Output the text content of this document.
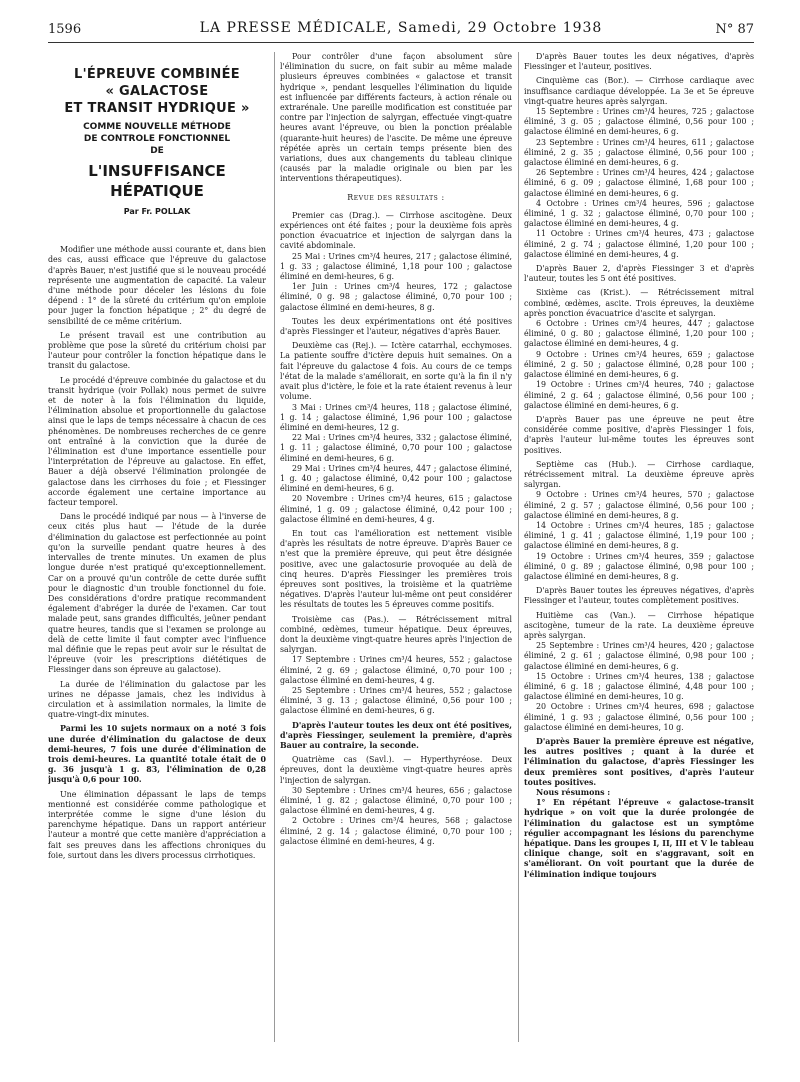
1596	LA PRESSE MÉDICALE, Samedi, 29 Octobre 1938	N° 87
L'ÉPREUVE COMBINÉE
« GALACTOSE
ET TRANSIT HYDRIQUE »
COMME NOUVELLE MÉTHODE
DE CONTROLE FONCTIONNEL
DE
L'INSUFFISANCE HÉPATIQUE
Par Fr. POLLAK

Modifier une méthode aussi courante et, dans bien des cas, aussi efficace que l'épreuve du galactose d'après Bauer, n'est justifié que si le nouveau procédé représente une augmentation de capacité. La valeur d'une méthode pour déceler les lésions du foie dépend : 1° de la sûreté du critérium qu'on emploie pour juger la fonction hépatique ; 2° du degré de sensibilité de ce même critérium.

Le présent travail est une contribution au problème que pose la sûreté du critérium choisi par l'auteur pour contrôler la fonction hépatique dans le transit du galactose.

Le procédé d'épreuve combinée du galactose et du transit hydrique (voir Pollak) nous permet de suivre et de noter à la fois l'élimination du liquide, l'élimination absolue et proportionnelle du galactose ainsi que le laps de temps nécessaire à chacun de ces phénomènes. De nombreuses recherches de ce genre ont entraîné à la conviction que la durée de l'élimination est d'une importance essentielle pour l'interprétation de l'épreuve au galactose. En effet, Bauer a déjà observé l'élimination prolongée de galactose dans les cirrhoses du foie ; et Fiessinger accorde également une certaine importance au facteur temporel.

Dans le procédé indiqué par nous — à l'inverse de ceux cités plus haut — l'étude de la durée d'élimination du galactose est perfectionnée au point qu'on la surveille pendant quatre heures à des intervalles de trente minutes. Un examen de plus longue durée n'est pratiqué qu'exceptionnellement. Car on a prouvé qu'un contrôle de cette durée suffit pour le diagnostic d'un trouble fonctionnel du foie. Des considérations d'ordre pratique recommandent également d'abréger la durée de l'examen. Car tout malade peut, sans grandes difficultés, jeûner pendant quatre heures, tandis que si l'examen se prolonge au delà de cette limite il faut compter avec l'influence mal définie que le repas peut avoir sur le résultat de l'épreuve (voir les prescriptions diététiques de Fiessinger dans son épreuve au galactose).

La durée de l'élimination du galactose par les urines ne dépasse jamais, chez les individus à circulation et à assimilation normales, la limite de quatre-vingt-dix minutes.

Parmi les 10 sujets normaux on a noté 3 fois une durée d'élimination du galactose de deux demi-heures, 7 fois une durée d'élimination de trois demi-heures. La quantité totale était de 0 g. 36 jusqu'à 1 g. 83, l'élimination de 0,28 jusqu'à 0,6 pour 100.

Une élimination dépassant le laps de temps mentionné est considérée comme pathologique et interprétée comme le signe d'une lésion du parenchyme hépatique. Dans un rapport antérieur l'auteur a montré que cette manière d'appréciation a fait ses preuves dans les affections chroniques du foie, surtout dans les divers processus cirrhotiques.

Pour contrôler d'une façon absolument sûre l'élimination du sucre, on fait subir au même malade plusieurs épreuves combinées « galactose et transit hydrique », pendant lesquelles l'élimination du liquide est influencée par différents facteurs, à action rénale ou extrarénale. Une pareille modification est constituée par contre par l'injection de salyrgan, effectuée vingt-quatre heures avant l'épreuve, ou bien la ponction préalable (quarante-huit heures) de l'ascite. De même une épreuve répétée après un certain temps présente bien des variations, dues aux changements du tableau clinique (causés par la maladie originale ou bien par les interventions thérapeutiques).

Revue des résultats :

Premier cas (Drag.). — Cirrhose ascitogène. Deux expériences ont été faites ; pour la deuxième fois après ponction évacuatrice et injection de salyrgan dans la cavité abdominale.

25 Mai : Urines cm³/4 heures, 217 ; galactose éliminé, 1 g. 33 ; galactose éliminé, 1,18 pour 100 ; galactose éliminé en demi-heures, 6 g.

1er Juin : Urines cm³/4 heures, 172 ; galactose éliminé, 0 g. 98 ; galactose éliminé, 0,70 pour 100 ; galactose éliminé en demi-heures, 8 g.

Toutes les deux expérimentations ont été positives d'après Fiessinger et l'auteur, négatives d'après Bauer.

Deuxième cas (Rej.). — Ictère catarrhal, ecchymoses. La patiente souffre d'ictère depuis huit semaines. On a fait l'épreuve du galactose 4 fois. Au cours de ce temps l'état de la malade s'améliorait, en sorte qu'à la fin il n'y avait plus d'ictère, le foie et la rate étaient revenus à leur volume.

3 Mai : Urines cm³/4 heures, 118 ; galactose éliminé, 1 g. 14 ; galactose éliminé, 1,96 pour 100 ; galactose éliminé en demi-heures, 12 g.

22 Mai : Urines cm³/4 heures, 332 ; galactose éliminé, 1 g. 11 ; galactose éliminé, 0,70 pour 100 ; galactose éliminé en demi-heures, 6 g.

29 Mai : Urines cm³/4 heures, 447 ; galactose éliminé, 1 g. 40 ; galactose éliminé, 0,42 pour 100 ; galactose éliminé en demi-heures, 6 g.

20 Novembre : Urines cm³/4 heures, 615 ; galactose éliminé, 1 g. 09 ; galactose éliminé, 0,42 pour 100 ; galactose éliminé en demi-heures, 4 g.

En tout cas l'amélioration est nettement visible d'après les résultats de notre épreuve. D'après Bauer ce n'est que la première épreuve, qui peut être désignée positive, avec une galactosurie provoquée au delà de cinq heures. D'après Fiessinger les premières trois épreuves sont positives, la troisième et la quatrième négatives. D'après l'auteur lui-même ont peut considérer les résultats de toutes les 5 épreuves comme positifs.

Troisième cas (Pas.). — Rétrécissement mitral combiné, œdèmes, tumeur hépatique. Deux épreuves, dont la deuxième vingt-quatre heures après l'injection de salyrgan.

17 Septembre : Urines cm³/4 heures, 552 ; galactose éliminé, 2 g. 69 ; galactose éliminé, 0,70 pour 100 ; galactose éliminé en demi-heures, 4 g.

25 Septembre : Urines cm³/4 heures, 552 ; galactose éliminé, 3 g. 13 ; galactose éliminé, 0,56 pour 100 ; galactose éliminé en demi-heures, 6 g.

D'après l'auteur toutes les deux ont été positives, d'après Fiessinger, seulement la première, d'après Bauer au contraire, la seconde.

Quatrième cas (Savl.). — Hyperthyréose. Deux épreuves, dont la deuxième vingt-quatre heures après l'injection de salyrgan.

30 Septembre : Urines cm³/4 heures, 656 ; galactose éliminé, 1 g. 82 ; galactose éliminé, 0,70 pour 100 ; galactose éliminé en demi-heures, 4 g.

2 Octobre : Urines cm³/4 heures, 568 ; galactose éliminé, 2 g. 14 ; galactose éliminé, 0,70 pour 100 ; galactose éliminé en demi-heures, 4 g.

D'après Bauer toutes les deux négatives, d'après Fiessinger et l'auteur, positives.

Cinquième cas (Bor.). — Cirrhose cardiaque avec insuffisance cardiaque développée. La 3e et 5e épreuve vingt-quatre heures après salyrgan.

15 Septembre : Urines cm³/4 heures, 725 ; galactose éliminé, 3 g. 05 ; galactose éliminé, 0,56 pour 100 ; galactose éliminé en demi-heures, 6 g.

23 Septembre : Urines cm³/4 heures, 611 ; galactose éliminé, 2 g. 35 ; galactose éliminé, 0,56 pour 100 ; galactose éliminé en demi-heures, 6 g.

26 Septembre : Urines cm³/4 heures, 424 ; galactose éliminé, 6 g. 09 ; galactose éliminé, 1,68 pour 100 ; galactose éliminé en demi-heures, 6 g.

4 Octobre : Urines cm³/4 heures, 596 ; galactose éliminé, 1 g. 32 ; galactose éliminé, 0,70 pour 100 ; galactose éliminé en demi-heures, 4 g.

11 Octobre : Urines cm³/4 heures, 473 ; galactose éliminé, 2 g. 74 ; galactose éliminé, 1,20 pour 100 ; galactose éliminé en demi-heures, 4 g.

D'après Bauer 2, d'après Fiessinger 3 et d'après l'auteur, toutes les 5 ont été positives.

Sixième cas (Krist.). — Rétrécissement mitral combiné, œdèmes, ascite. Trois épreuves, la deuxième après ponction évacuatrice d'ascite et salyrgan.

6 Octobre : Urines cm³/4 heures, 447 ; galactose éliminé, 0 g. 80 ; galactose éliminé, 1,20 pour 100 ; galactose éliminé en demi-heures, 4 g.

9 Octobre : Urines cm³/4 heures, 659 ; galactose éliminé, 2 g. 50 ; galactose éliminé, 0,28 pour 100 ; galactose éliminé en demi-heures, 6 g.

19 Octobre : Urines cm³/4 heures, 740 ; galactose éliminé, 2 g. 64 ; galactose éliminé, 0,56 pour 100 ; galactose éliminé en demi-heures, 6 g.

D'après Bauer pas une épreuve ne peut être considérée comme positive, d'après Fiessinger 1 fois, d'après l'auteur lui-même toutes les épreuves sont positives.

Septième cas (Hub.). — Cirrhose cardiaque, rétrécissement mitral. La deuxième épreuve après salyrgan.

9 Octobre : Urines cm³/4 heures, 570 ; galactose éliminé, 2 g. 57 ; galactose éliminé, 0,56 pour 100 ; galactose éliminé en demi-heures, 8 g.

14 Octobre : Urines cm³/4 heures, 185 ; galactose éliminé, 1 g. 41 ; galactose éliminé, 1,19 pour 100 ; galactose éliminé en demi-heures, 8 g.

19 Octobre : Urines cm³/4 heures, 359 ; galactose éliminé, 0 g. 89 ; galactose éliminé, 0,98 pour 100 ; galactose éliminé en demi-heures, 8 g.

D'après Bauer toutes les épreuves négatives, d'après Fiessinger et l'auteur, toutes complètement positives.

Huitième cas (Van.). — Cirrhose hépatique ascitogène, tumeur de la rate. La deuxième épreuve après salyrgan.

25 Septembre : Urines cm³/4 heures, 420 ; galactose éliminé, 2 g. 61 ; galactose éliminé, 0,98 pour 100 ; galactose éliminé en demi-heures, 6 g.

15 Octobre : Urines cm³/4 heures, 138 ; galactose éliminé, 6 g. 18 ; galactose éliminé, 4,48 pour 100 ; galactose éliminé en demi-heures, 10 g.

20 Octobre : Urines cm³/4 heures, 698 ; galactose éliminé, 1 g. 93 ; galactose éliminé, 0,56 pour 100 ; galactose éliminé en demi-heures, 10 g.

D'après Bauer la première épreuve est négative, les autres positives ; quant à la durée et l'élimination du galactose, d'après Fiessinger les deux premières sont positives, d'après l'auteur toutes positives.

Nous résumons :

1° En répétant l'épreuve « galactose-transit hydrique » on voit que la durée prolongée de l'élimination du galactose est un symptôme régulier accompagnant les lésions du parenchyme hépatique. Dans les groupes I, II, III et V le tableau clinique change, soit en s'aggravant, soit en s'améliorant. On voit pourtant que la durée de l'élimination indique toujours
